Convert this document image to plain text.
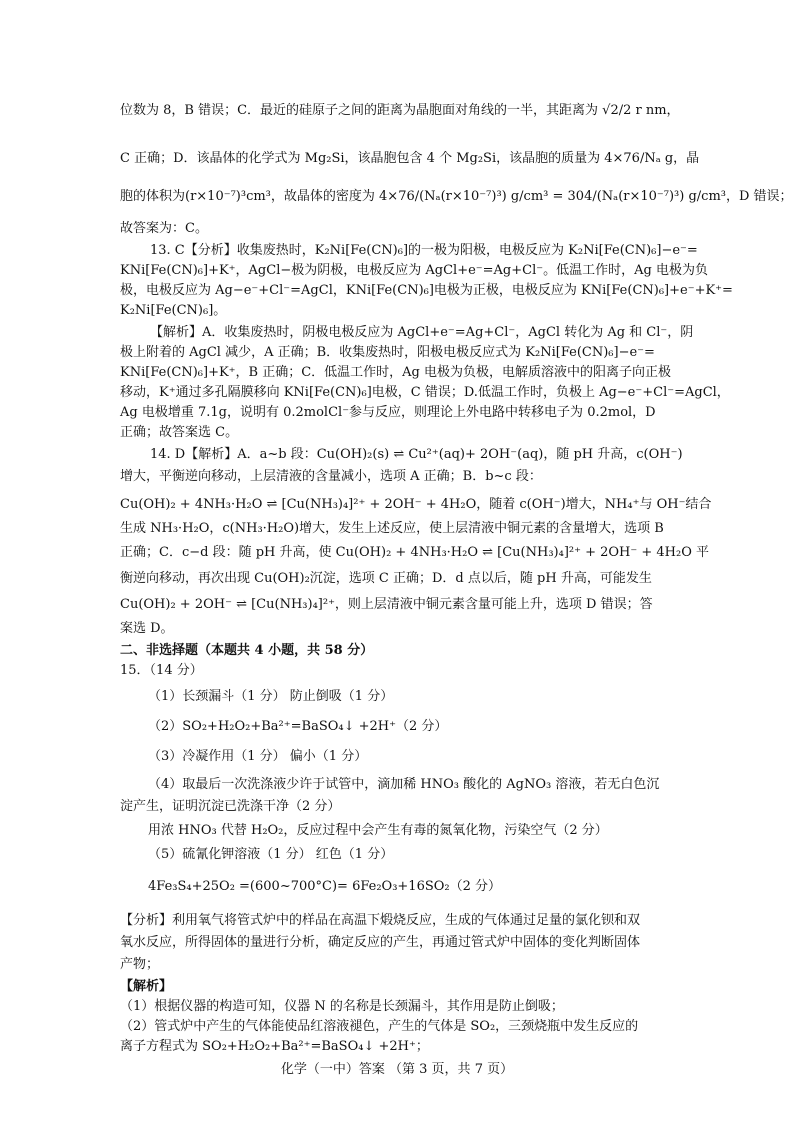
位数为 8，B 错误；C．最近的硅原子之间的距离为晶胞面对角线的一半，其距离为 √2/2 r nm，
C 正确；D．该晶体的化学式为 Mg₂Si，该晶胞包含 4 个 Mg₂Si，该晶胞的质量为 4×76/Nₐ g，晶
胞的体积为(r×10⁻⁷)³cm³，故晶体的密度为 4×76/(Nₐ(r×10⁻⁷)³) g/cm³ = 304/(Nₐ(r×10⁻⁷)³) g/cm³，D 错误；
故答案为：C。
13. C【分析】收集废热时，K₂Ni[Fe(CN)₆]的一极为阳极，电极反应为 K₂Ni[Fe(CN)₆]−e⁻=
KNi[Fe(CN)₆]+K⁺，AgCl−极为阴极，电极反应为 AgCl+e⁻=Ag+Cl⁻。低温工作时，Ag 电极为负
极，电极反应为 Ag−e⁻+Cl⁻=AgCl，KNi[Fe(CN)₆]电极为正极，电极反应为 KNi[Fe(CN)₆]+e⁻+K⁺=
K₂Ni[Fe(CN)₆]。
【解析】A．收集废热时，阴极电极反应为 AgCl+e⁻=Ag+Cl⁻，AgCl 转化为 Ag 和 Cl⁻，阴
极上附着的 AgCl 减少，A 正确；B．收集废热时，阳极电极反应式为 K₂Ni[Fe(CN)₆]−e⁻=
KNi[Fe(CN)₆]+K⁺，B 正确；C．低温工作时，Ag 电极为负极，电解质溶液中的阳离子向正极
移动，K⁺通过多孔隔膜移向 KNi[Fe(CN)₆]电极，C 错误；D.低温工作时，负极上 Ag−e⁻+Cl⁻=AgCl，
Ag 电极增重 7.1g，说明有 0.2molCl⁻参与反应，则理论上外电路中转移电子为 0.2mol，D
正确；故答案选 C。
14. D【解析】A．a~b 段：Cu(OH)₂(s) ⇌ Cu²⁺(aq)+ 2OH⁻(aq)，随 pH 升高，c(OH⁻)
增大，平衡逆向移动，上层清液的含量减小，选项 A 正确；B．b~c 段：
Cu(OH)₂ + 4NH₃·H₂O ⇌ [Cu(NH₃)₄]²⁺ + 2OH⁻ + 4H₂O，随着 c(OH⁻)增大，NH₄⁺与 OH⁻结合
生成 NH₃·H₂O，c(NH₃·H₂O)增大，发生上述反应，使上层清液中铜元素的含量增大，选项 B
正确；C．c−d 段：随 pH 升高，使 Cu(OH)₂ + 4NH₃·H₂O ⇌ [Cu(NH₃)₄]²⁺ + 2OH⁻ + 4H₂O 平
衡逆向移动，再次出现 Cu(OH)₂沉淀，选项 C 正确；D．d 点以后，随 pH 升高，可能发生
Cu(OH)₂ + 2OH⁻ ⇌ [Cu(NH₃)₄]²⁺，则上层清液中铜元素含量可能上升，选项 D 错误；答
案选 D。
二、非选择题（本题共 4 小题，共 58 分）
15．（14 分）
（1）长颈漏斗（1 分） 防止倒吸（1 分）
（2）SO₂+H₂O₂+Ba²⁺=BaSO₄↓ +2H⁺（2 分）
（3）冷凝作用（1 分） 偏小（1 分）
（4）取最后一次洗涤液少许于试管中，滴加稀 HNO₃ 酸化的 AgNO₃ 溶液，若无白色沉
淀产生，证明沉淀已洗涤干净（2 分）
用浓 HNO₃ 代替 H₂O₂，反应过程中会产生有毒的氮氧化物，污染空气（2 分）
（5）硫氰化钾溶液（1 分） 红色（1 分）
4Fe₃S₄+25O₂ =(600~700°C)= 6Fe₂O₃+16SO₂（2 分）
【分析】利用氧气将管式炉中的样品在高温下煅烧反应，生成的气体通过足量的氯化钡和双
氧水反应，所得固体的量进行分析，确定反应的产生，再通过管式炉中固体的变化判断固体
产物；
【解析】
（1）根据仪器的构造可知，仪器 N 的名称是长颈漏斗，其作用是防止倒吸；
（2）管式炉中产生的气体能使品红溶液褪色，产生的气体是 SO₂，三颈烧瓶中发生反应的
离子方程式为 SO₂+H₂O₂+Ba²⁺=BaSO₄↓ +2H⁺；
化学（一中）答案 （第 3 页，共 7 页）
